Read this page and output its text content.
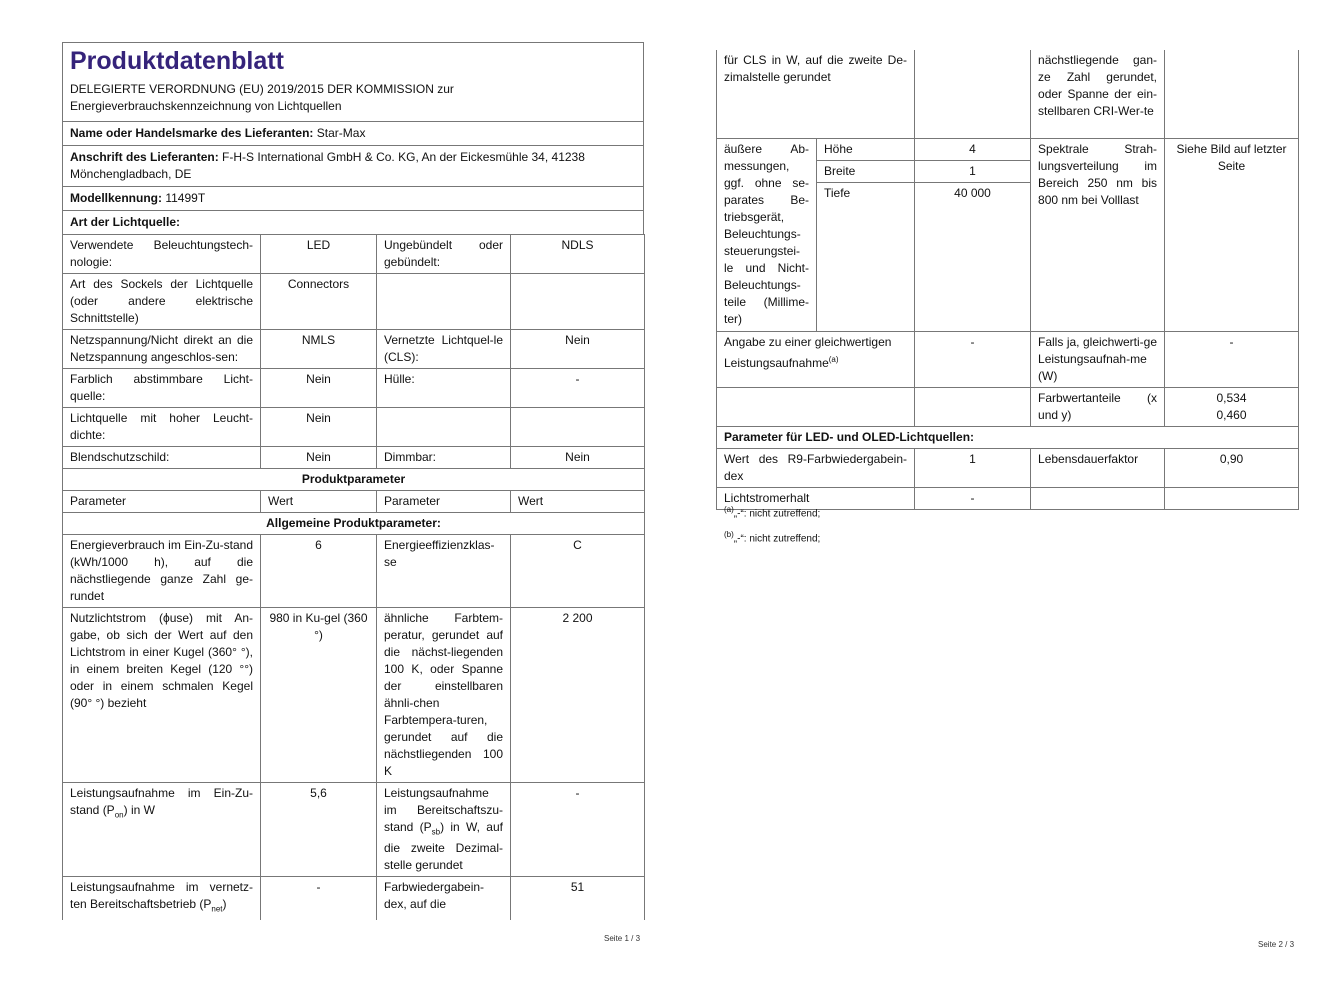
Produktdatenblatt
DELEGIERTE VERORDNUNG (EU) 2019/2015 DER KOMMISSION zur
Energieverbrauchskennzeichnung von Lichtquellen
Name oder Handelsmarke des Lieferanten: Star-Max
Anschrift des Lieferanten: F-H-S International GmbH & Co. KG, An der Eickesmühle 34, 41238 Mönchengladbach, DE
Modellkennung: 11499T
Art der Lichtquelle:
Verwendete Beleuchtungstech-nologie:	LED	Ungebündelt oder gebündelt:	NDLS
Art des Sockels der Lichtquelle (oder andere elektrische Schnittstelle)	Connectors		
Netzspannung/Nicht direkt an die Netzspannung angeschlos-sen:	NMLS	Vernetzte Lichtquel-le (CLS):	Nein
Farblich abstimmbare Licht-quelle:	Nein	Hülle:	-
Lichtquelle mit hoher Leucht-dichte:	Nein		
Blendschutzschild:	Nein	Dimmbar:	Nein
Produktparameter			
Parameter	Wert	Parameter	Wert
Allgemeine Produktparameter:			
Energieverbrauch im Ein-Zu-stand (kWh/1000 h), auf die nächstliegende ganze Zahl ge-rundet	6	Energieeffizienzklas-se	C
Nutzlichtstrom (ϕuse) mit An-gabe, ob sich der Wert auf den Lichtstrom in einer Kugel (360° °), in einem breiten Kegel (120 °°) oder in einem schmalen Kegel (90° °) bezieht	980 in Ku-gel (360 °)	ähnliche Farbtem-peratur, gerundet auf die nächst-liegenden 100 K, oder Spanne der einstellbaren ähnli-chen Farbtempera-turen, gerundet auf die nächstliegenden 100 K	2 200
Leistungsaufnahme im Ein-Zu-stand $(P_{on})$ in W	5,6	Leistungsaufnahme im Bereitschaftszu-stand $(P_{sb})$ in W, auf die zweite Dezimal-stelle gerundet	-
Leistungsaufnahme im vernetz-ten Bereitschaftsbetrieb $(P_{net})$	-	Farbwiedergabein-dex, auf die	51
Seite 1 / 3
für CLS in W, auf die zweite De-zimalstelle gerundet			nächstliegende gan-ze Zahl gerundet, oder Spanne der ein-stellbaren CRI-Wer-te	
äußere Ab-messungen, ggf. ohne se-parates Be-triebsgerät, Beleuchtungs-steuerungstei-le und Nicht-Beleuchtungs-teile (Millime-ter)	Höhe	4	Spektrale Strah-lungsverteilung im Bereich 250 nm bis 800 nm bei Volllast	Siehe Bild auf letzter Seite
	Breite	1		
	Tiefe	40 000		
Angabe zu einer gleichwertigen Leistungsaufnahme$^{(a)}$		-	Falls ja, gleichwerti-ge Leistungsaufnah-me (W)	-
			Farbwertanteile (x und y)	0,534
0,460

Parameter für LED- und OLED-Lichtquellen:				
Wert des R9-Farbwiedergabein-dex		1	Lebensdauerfaktor	0,90
Lichtstromerhalt		-		
$^{(a)}$„-“: nicht zutreffend;
$^{(b)}$„-“: nicht zutreffend;
Seite 2 / 3
